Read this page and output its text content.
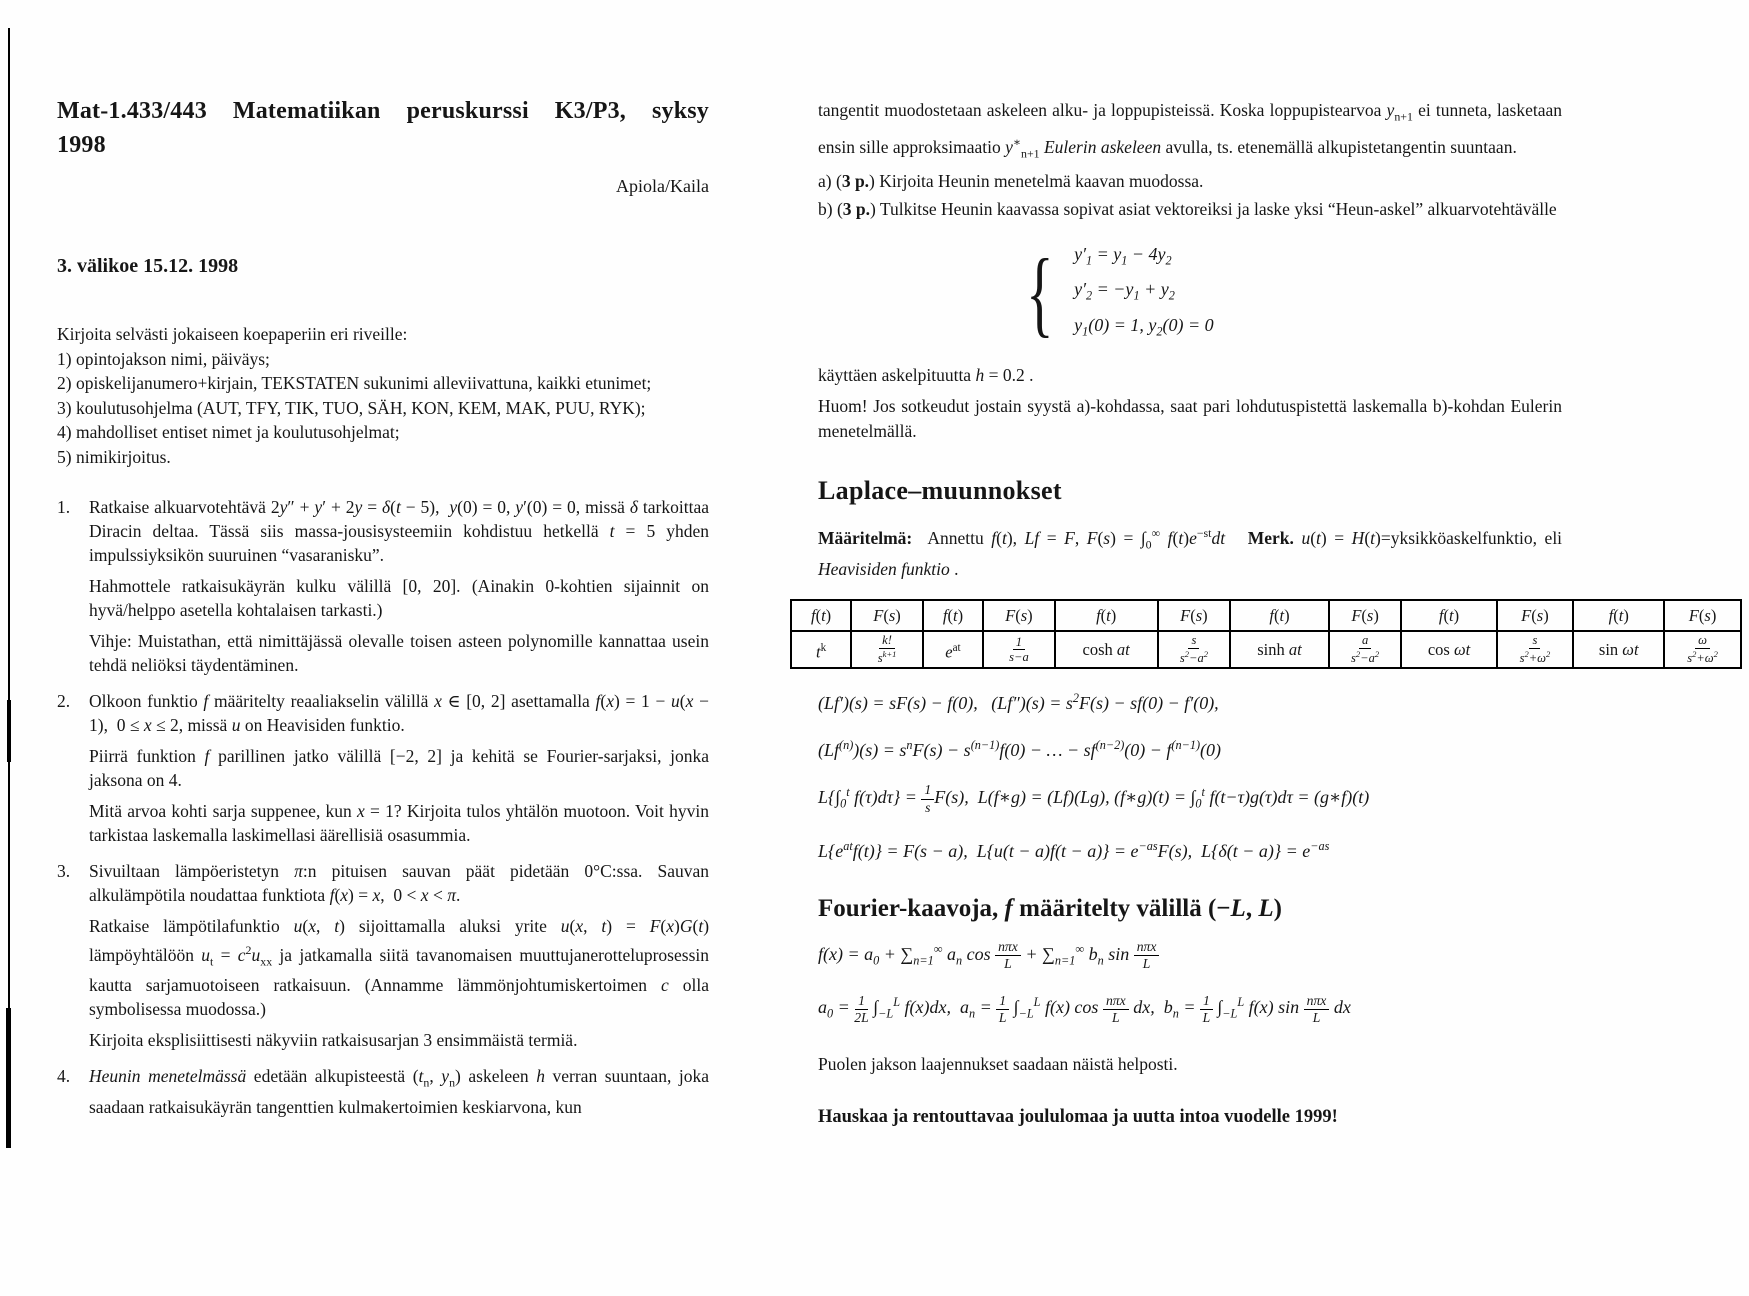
Mat-1.433/443 Matematiikan peruskurssi K3/P3, syksy
1998
Apiola/Kaila
3. välikoe 15.12. 1998
Kirjoita selvästi jokaiseen koepaperiin eri riveille:
1) opintojakson nimi, päiväys;
2) opiskelijanumero+kirjain, TEKSTATEN sukunimi alleviivattuna, kaikki etunimet;
3) koulutusohjelma (AUT, TFY, TIK, TUO, SÄH, KON, KEM, MAK, PUU, RYK);
4) mahdolliset entiset nimet ja koulutusohjelmat;
5) nimikirjoitus.
1.	Ratkaise alkuarvotehtävä 2y″ + y′ + 2y = δ(t − 5),  y(0) = 0, y′(0) = 0, missä δ tarkoittaa Diracin deltaa. Tässä siis massa-jousisysteemiin kohdistuu hetkellä t = 5 yhden impulssiyksikön suuruinen “vasaranisku”.

Hahmottele ratkaisukäyrän kulku välillä [0, 20]. (Ainakin 0-kohtien sijainnit on hyvä/helppo asetella kohtalaisen tarkasti.)

Vihje: Muistathan, että nimittäjässä olevalle toisen asteen polynomille kannattaa usein tehdä neliöksi täydentäminen.

2.	Olkoon funktio f määritelty reaaliakselin välillä x ∈ [0, 2] asettamalla f(x) = 1 − u(x − 1),  0 ≤ x ≤ 2, missä u on Heavisiden funktio.

Piirrä funktion f parillinen jatko välillä [−2, 2] ja kehitä se Fourier-sarjaksi, jonka jaksona on 4.

Mitä arvoa kohti sarja suppenee, kun x = 1? Kirjoita tulos yhtälön muotoon. Voit hyvin tarkistaa laskemalla laskimellasi äärellisiä osasummia.

3.	Sivuiltaan lämpöeristetyn π:n pituisen sauvan päät pidetään 0°C:ssa. Sauvan alkulämpötila noudattaa funktiota f(x) = x,  0 < x < π.

Ratkaise lämpötilafunktio u(x, t) sijoittamalla aluksi yrite u(x, t) = F(x)G(t) lämpöyhtälöön $u_t = c^2u_{xx}$ ja jatkamalla siitä tavanomaisen muuttujanerotteluprosessin kautta sarjamuotoiseen ratkaisuun. (Annamme lämmönjohtumiskertoimen c olla symbolisessa muodossa.)

Kirjoita eksplisiittisesti näkyviin ratkaisusarjan 3 ensimmäistä termiä.

4.	Heunin menetelmässä edetään alkupisteestä ($t_n$, $y_n$) askeleen h verran suuntaan, joka saadaan ratkaisukäyrän tangenttien kulmakertoimien keskiarvona, kun

tangentit muodostetaan askeleen alku- ja loppupisteissä. Koska loppupistearvoa $y_{n+1}$ ei tunneta, lasketaan ensin sille approksimaatio $y^∗_{n+1}$ Eulerin askeleen avulla, ts. etenemällä alkupistetangentin suuntaan.

a) (3 p.) Kirjoita Heunin menetelmä kaavan muodossa.
b) (3 p.) Tulkitse Heunin kaavassa sopivat asiat vektoreiksi ja laske yksi “Heun-askel” alkuarvotehtävälle
{ $y'_1 = y_1 - 4y_2$
$y'_2 = -y_1 + y_2$
$y_1(0) = 1$, $y_2(0) = 0$
käyttäen askelpituutta h = 0.2 .

Huom! Jos sotkeudut jostain syystä a)-kohdassa, saat pari lohdutuspistettä laskemalla b)-kohdan Eulerin menetelmällä.

Laplace–muunnokset

Määritelmä:  Annettu f(t), Lf = F, $F(s) = \int_0^\infty$ $f(t)e^{-st}dt$ Merk. u(t) = H(t)=yksikköaskelfunktio, eli Heavisiden funktio .

f(t)	F(s)	f(t)	F(s)	f(t)	F(s)	f(t)	F(s)	f(t)	F(s)	f(t)	F(s)
$t^k$	$\frac{k!}{s^{k+1}}$	$e^{at}$	$\frac{1}{s-a}$	cosh at	$\frac{s}{s^2-a^2}$	sinh at	$\frac{a}{s^2-a^2}$	cos ωt	$\frac{s}{s^2+\omega^2}$	sin ωt	$\frac{\omega}{s^2+\omega^2}$
(Lf′)(s) = sF(s) − f(0),   $(Lf'')(s) = s^2F(s) - sf(0) - f'(0)$,
$(Lf^{(n)})(s) = s^nF(s) - s^{(n-1)}f(0)$ − … − $sf^{(n-2)}(0) - f^{(n-1)}(0)$
$L\{\int_0^t$ $f(\tau)d\tau\} = \frac{1}{s} F(s)$,  L(f∗g) = (Lf)(Lg), (f∗g)(t) = $\int_0^t$ f(t−τ)g(τ)dτ = (g∗f)(t)
$L\{e^{at}f(t)\} = F(s - a)$,  $L\{u(t - a)f(t - a)\} = e^{-as}F(s)$,  $L\{\delta(t - a)\} = e^{-as}$
Fourier-kaavoja, f määritelty välillä (−L, L)
$f(x) = a_0 + \sum_{n=1}^\infty$ $a_n$ $\cos \frac{\text{nπx}}{L} + \sum_{n=1}^\infty$ $b_n$ $\sin \frac{\text{nπx}}{L}$
$a_0 = \frac{1}{2L} \int_{-L}^L$ f(x)dx,  $a_n = \frac{1}{L} \int_{-L}^L$ f(x) $\cos \frac{\text{nπx}}{L}$ dx,  $b_n = \frac{1}{L} \int_{-L}^L$ f(x) $\sin \frac{\text{nπx}}{L}$ dx
Puolen jakson laajennukset saadaan näistä helposti.
Hauskaa ja rentouttavaa joululomaa ja uutta intoa vuodelle 1999!
